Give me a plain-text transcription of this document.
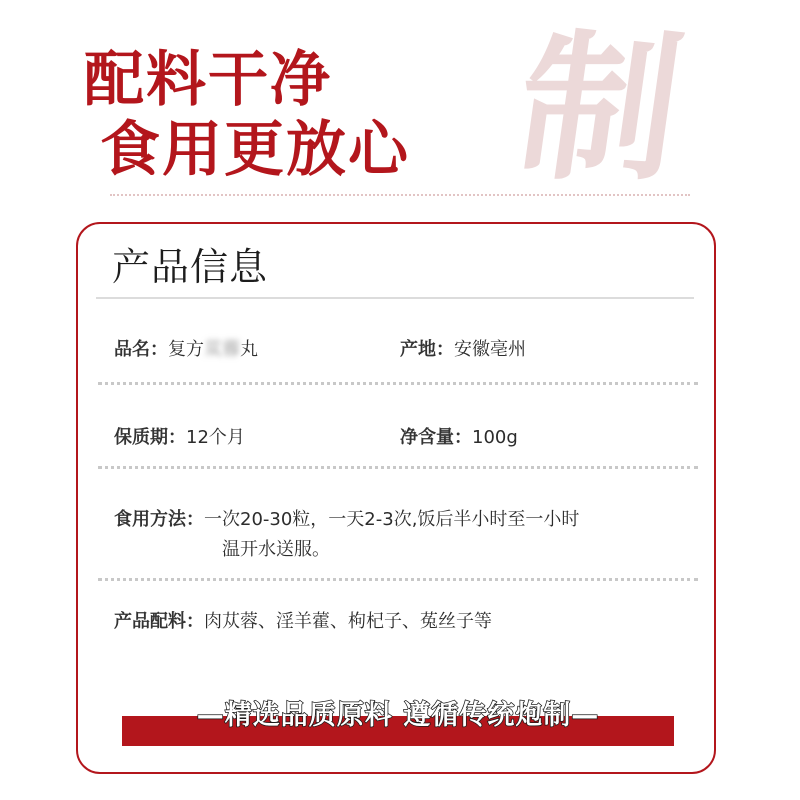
配料干净
食用更放心 制
产品信息
品名：复方苁蓉丸	产地：安徽亳州
保质期：12个月	净含量：100g
食用方法：一次20-30粒，一天2-3次,饭后半小时至一小时
温开水送服。
产品配料：肉苁蓉、淫羊藿、枸杞子、菟丝子等
—精选品质原料 遵循传统炮制—
